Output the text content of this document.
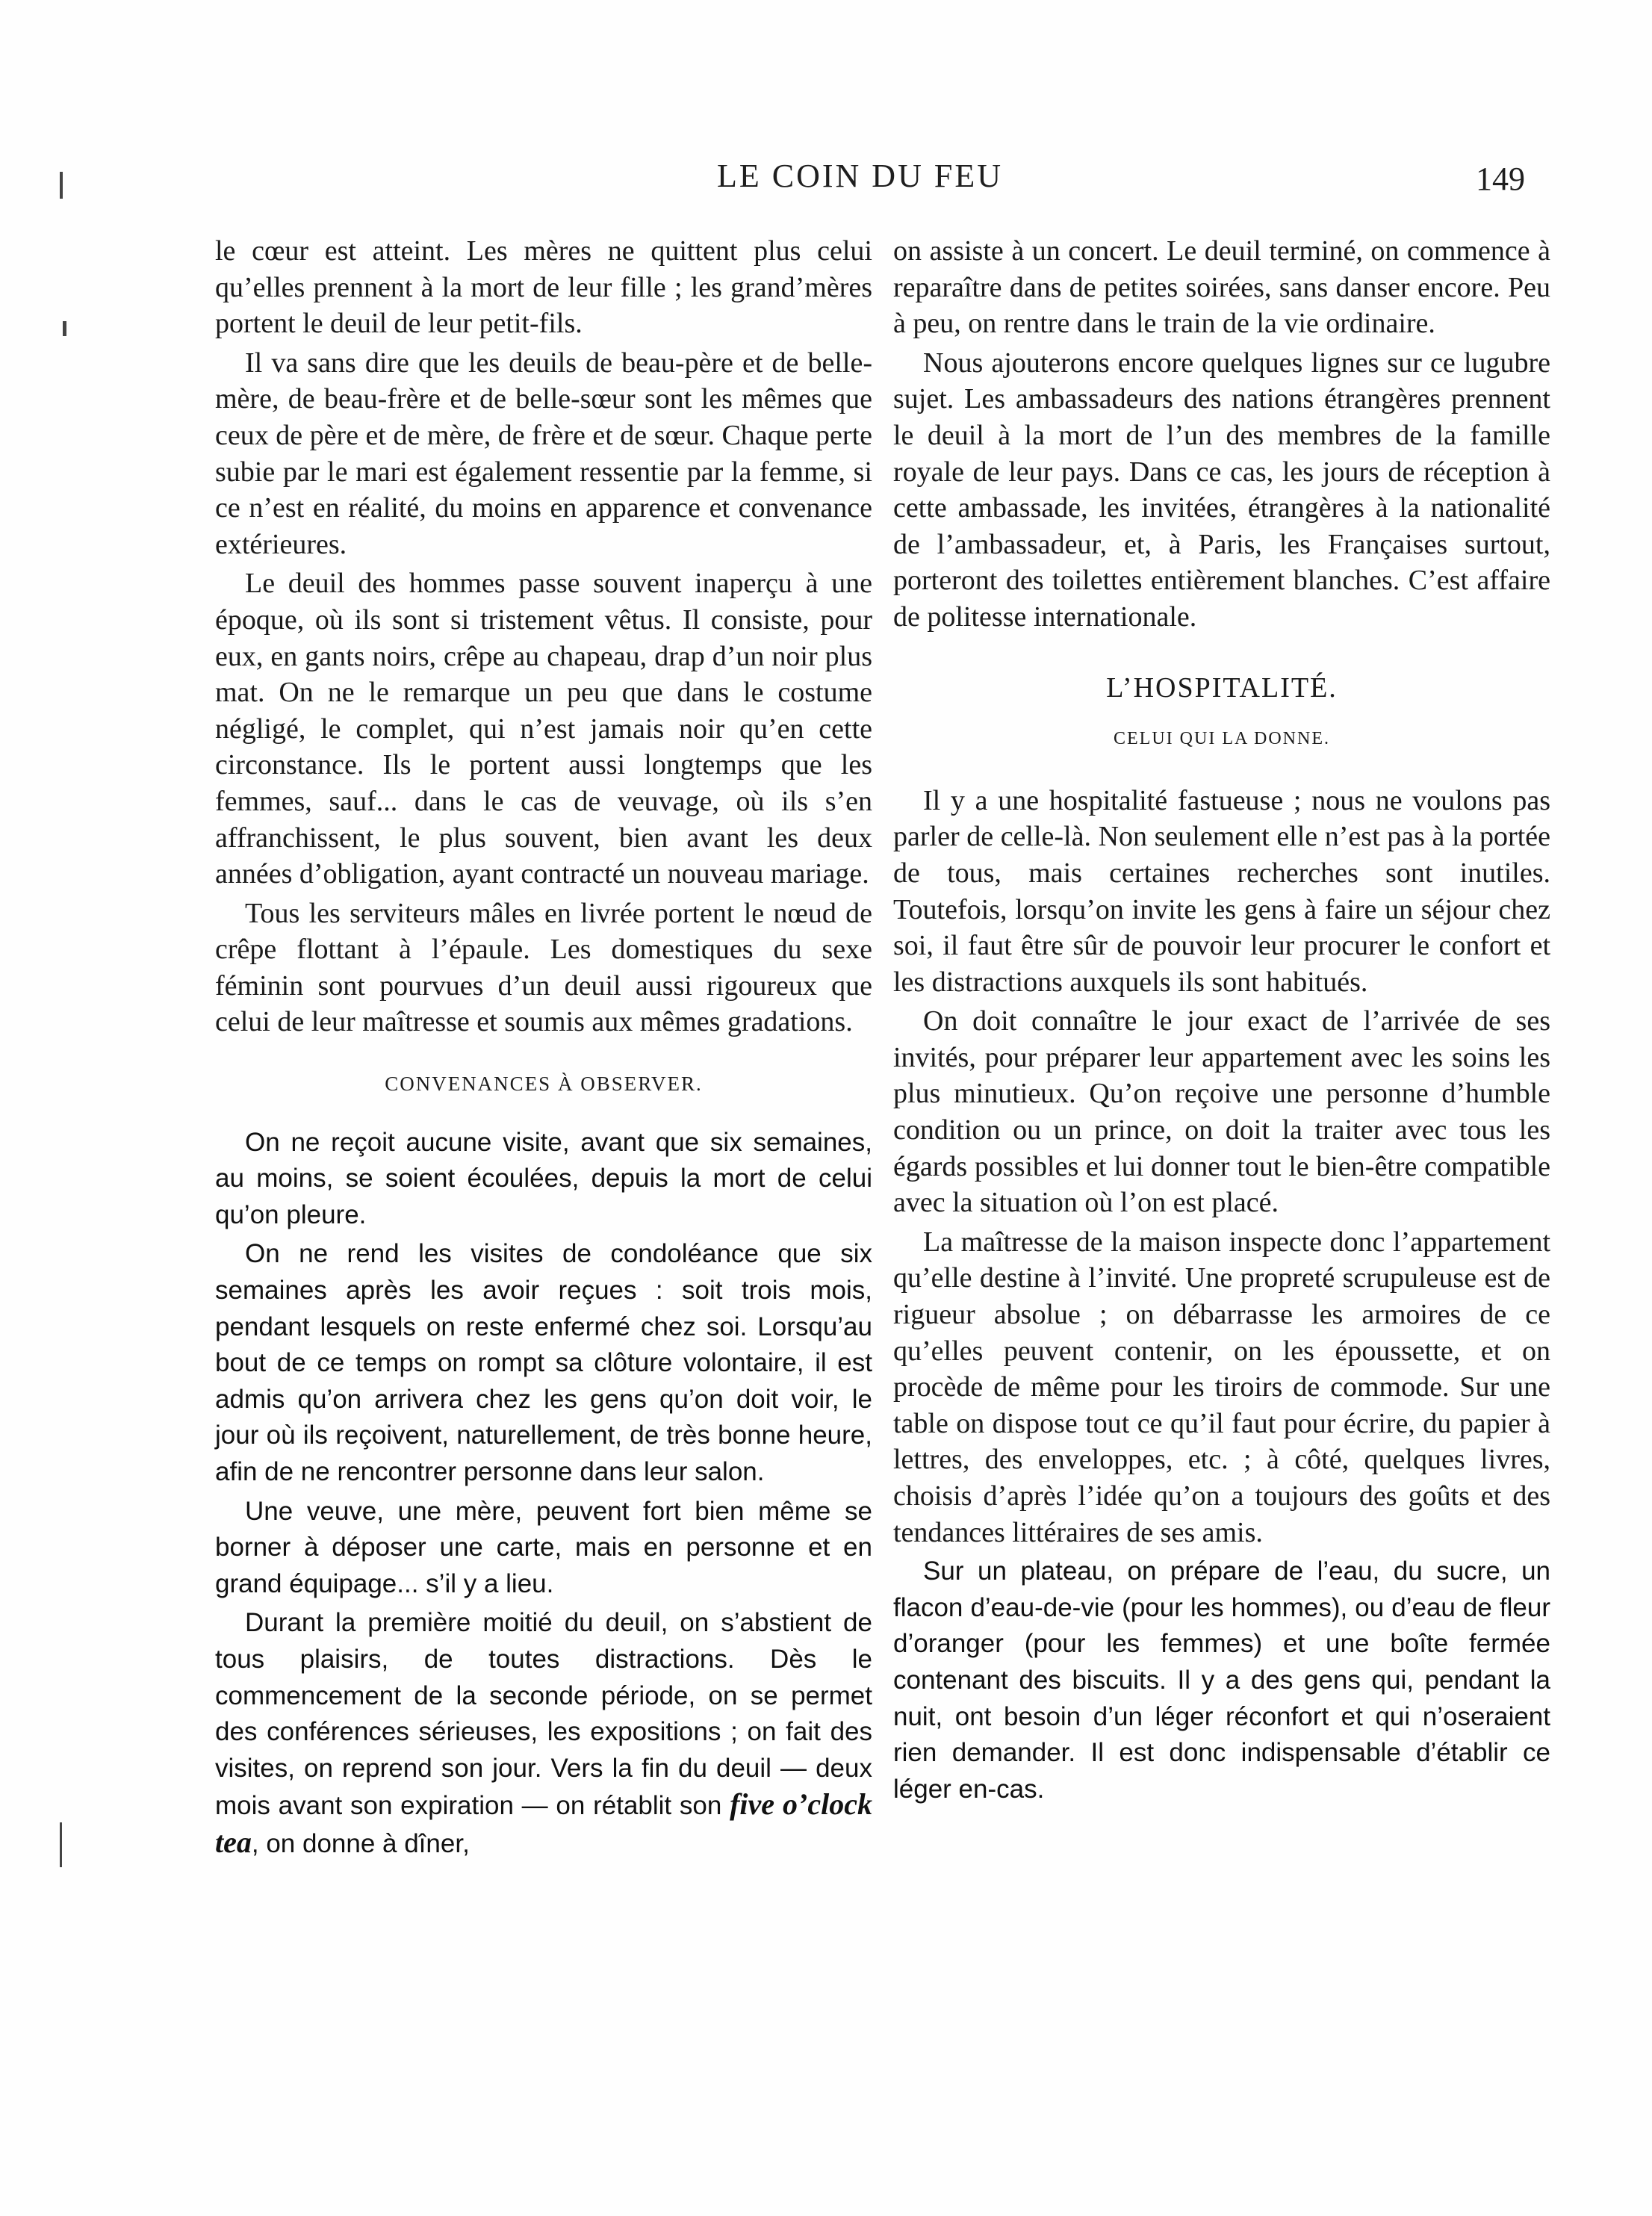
LE COIN DU FEU	149

le cœur est atteint. Les mères ne quittent plus celui qu’elles prennent à la mort de leur fille ; les grand’mères portent le deuil de leur petit-fils.

Il va sans dire que les deuils de beau-père et de belle-mère, de beau-frère et de belle-sœur sont les mêmes que ceux de père et de mère, de frère et de sœur. Chaque perte subie par le mari est également ressentie par la femme, si ce n’est en réalité, du moins en apparence et convenance extérieures.

Le deuil des hommes passe souvent inaperçu à une époque, où ils sont si tristement vêtus. Il consiste, pour eux, en gants noirs, crêpe au chapeau, drap d’un noir plus mat. On ne le remarque un peu que dans le costume négligé, le complet, qui n’est jamais noir qu’en cette circonstance. Ils le portent aussi longtemps que les femmes, sauf... dans le cas de veuvage, où ils s’en affranchissent, le plus souvent, bien avant les deux années d’obligation, ayant contracté un nouveau mariage.

Tous les serviteurs mâles en livrée portent le nœud de crêpe flottant à l’épaule. Les domestiques du sexe féminin sont pourvues d’un deuil aussi rigoureux que celui de leur maîtresse et soumis aux mêmes gradations.

CONVENANCES À OBSERVER.

On ne reçoit aucune visite, avant que six semaines, au moins, se soient écoulées, depuis la mort de celui qu’on pleure.

On ne rend les visites de condoléance que six semaines après les avoir reçues : soit trois mois, pendant lesquels on reste enfermé chez soi. Lorsqu’au bout de ce temps on rompt sa clôture volontaire, il est admis qu’on arrivera chez les gens qu’on doit voir, le jour où ils reçoivent, naturellement, de très bonne heure, afin de ne rencontrer personne dans leur salon.

Une veuve, une mère, peuvent fort bien même se borner à déposer une carte, mais en personne et en grand équipage... s’il y a lieu.

Durant la première moitié du deuil, on s’abstient de tous plaisirs, de toutes distractions. Dès le commencement de la seconde période, on se permet des conférences sérieuses, les expositions ; on fait des visites, on reprend son jour. Vers la fin du deuil — deux mois avant son expiration — on rétablit son five o’clock tea, on donne à dîner,

on assiste à un concert. Le deuil terminé, on commence à reparaître dans de petites soirées, sans danser encore. Peu à peu, on rentre dans le train de la vie ordinaire.

Nous ajouterons encore quelques lignes sur ce lugubre sujet. Les ambassadeurs des nations étrangères prennent le deuil à la mort de l’un des membres de la famille royale de leur pays. Dans ce cas, les jours de réception à cette ambassade, les invitées, étrangères à la nationalité de l’ambassadeur, et, à Paris, les Françaises surtout, porteront des toilettes entièrement blanches. C’est affaire de politesse internationale.

L’HOSPITALITÉ.
CELUI QUI LA DONNE.

Il y a une hospitalité fastueuse ; nous ne voulons pas parler de celle-là. Non seulement elle n’est pas à la portée de tous, mais certaines recherches sont inutiles. Toutefois, lorsqu’on invite les gens à faire un séjour chez soi, il faut être sûr de pouvoir leur procurer le confort et les distractions auxquels ils sont habitués.

On doit connaître le jour exact de l’arrivée de ses invités, pour préparer leur appartement avec les soins les plus minutieux. Qu’on reçoive une personne d’humble condition ou un prince, on doit la traiter avec tous les égards possibles et lui donner tout le bien-être compatible avec la situation où l’on est placé.

La maîtresse de la maison inspecte donc l’appartement qu’elle destine à l’invité. Une propreté scrupuleuse est de rigueur absolue ; on débarrasse les armoires de ce qu’elles peuvent contenir, on les époussette, et on procède de même pour les tiroirs de commode. Sur une table on dispose tout ce qu’il faut pour écrire, du papier à lettres, des enveloppes, etc. ; à côté, quelques livres, choisis d’après l’idée qu’on a toujours des goûts et des tendances littéraires de ses amis.

Sur un plateau, on prépare de l’eau, du sucre, un flacon d’eau-de-vie (pour les hommes), ou d’eau de fleur d’oranger (pour les femmes) et une boîte fermée contenant des biscuits. Il y a des gens qui, pendant la nuit, ont besoin d’un léger réconfort et qui n’oseraient rien demander. Il est donc indispensable d’établir ce léger en-cas.
